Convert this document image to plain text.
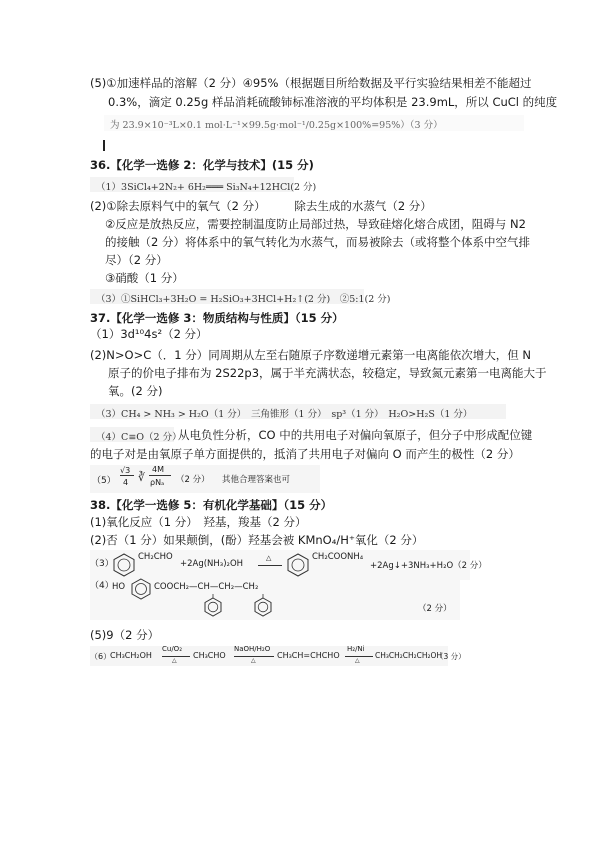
(5)①加速样品的溶解（2 分）④95%（根据题目所给数据及平行实验结果相差不能超过
0.3%，滴定 0.25g 样品消耗硫酸铈标准溶液的平均体积是 23.9mL，所以 CuCl 的纯度
为 23.9×10⁻³L×0.1 mol·L⁻¹×99.5g·mol⁻¹/0.25g×100%=95%）（3 分）
36.【化学一选修 2：化学与技术】(15 分)
（1）3SiCl₄+2N₂+ 6H₂═══ Si₃N₄+12HCl(2 分)
(2)①除去原料气中的氧气（2 分）　　　除去生成的水蒸气（2 分）
②反应是放热反应，需要控制温度防止局部过热，导致硅熔化熔合成团，阻碍与 N2
的接触（2 分）将体系中的氧气转化为水蒸气，而易被除去（或将整个体系中空气排
尽）（2 分）
③硝酸（1 分）
（3）①SiHCl₃+3H₂O = H₂SiO₃+3HCl+H₂↑(2 分)　②5:1(2 分)
37.【化学一选修 3：物质结构与性质】（15 分）
（1）3d¹⁰4s²（2 分）
(2)N>O>C（．1 分）同周期从左至右随原子序数递增元素第一电离能依次增大，但 N
原子的价电子排布为 2S22p3，属于半充满状态，较稳定，导致氮元素第一电离能大于
氧。(2 分)
（3）CH₄ > NH₃ > H₂O（1 分）　三角锥形（1 分）　sp³（1 分）　H₂O>H₂S（1 分）
（4）C≡O（2 分）
从电负性分析，CO 中的共用电子对偏向氧原子，但分子中形成配位键
的电子对是由氧原子单方面提供的，抵消了共用电子对偏向 O 而产生的极性（2 分）
（5）
√3
4 ∛
4M
ρNₐ （2 分） 其他合理答案也可
38.【化学一选修 5：有机化学基础】（15 分）
(1)氧化反应（1 分）　羟基，羧基（2 分）
(2)否（1 分）如果颠倒，(酚）羟基会被 KMnO₄/H⁺氧化（2 分）
（3）
CH₂CHO
+2Ag(NH₃)₂OH
△	CH₂COONH₄
+2Ag↓+3NH₃+H₂O（2 分）
（4）
HO	COOCH₂—CH—CH₂—CH₂
（2 分）
(5)9（2 分）
（6）
CH₃CH₂OH
Cu/O₂
△
CH₃CHO
NaOH/H₂O
△
CH₃CH=CHCHO
H₂/Ni
△
CH₃CH₂CH₂CH₂OH
（3 分）
